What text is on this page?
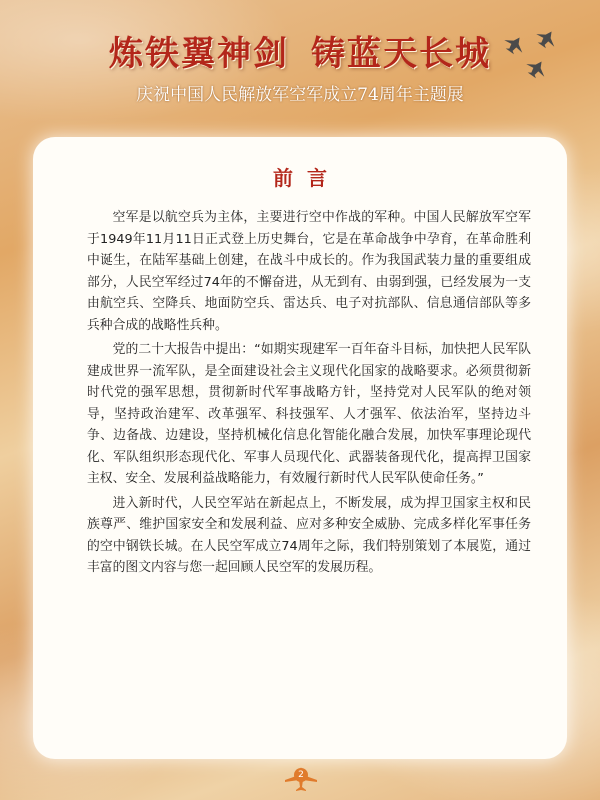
炼铁翼神剑 铸蓝天长城
庆祝中国人民解放军空军成立74周年主题展
前言

空军是以航空兵为主体，主要进行空中作战的军种。中国人民解放军空军于1949年11月11日正式登上历史舞台，它是在革命战争中孕育，在革命胜利中诞生，在陆军基础上创建，在战斗中成长的。作为我国武装力量的重要组成部分，人民空军经过74年的不懈奋进，从无到有、由弱到强，已经发展为一支由航空兵、空降兵、地面防空兵、雷达兵、电子对抗部队、信息通信部队等多兵种合成的战略性兵种。

党的二十大报告中提出：“如期实现建军一百年奋斗目标，加快把人民军队建成世界一流军队，是全面建设社会主义现代化国家的战略要求。必须贯彻新时代党的强军思想，贯彻新时代军事战略方针，坚持党对人民军队的绝对领导，坚持政治建军、改革强军、科技强军、人才强军、依法治军，坚持边斗争、边备战、边建设，坚持机械化信息化智能化融合发展，加快军事理论现代化、军队组织形态现代化、军事人员现代化、武器装备现代化，提高捍卫国家主权、安全、发展利益战略能力，有效履行新时代人民军队使命任务。”

进入新时代，人民空军站在新起点上，不断发展，成为捍卫国家主权和民族尊严、维护国家安全和发展利益、应对多种安全威胁、完成多样化军事任务的空中钢铁长城。在人民空军成立74周年之际，我们特别策划了本展览，通过丰富的图文内容与您一起回顾人民空军的发展历程。

2
